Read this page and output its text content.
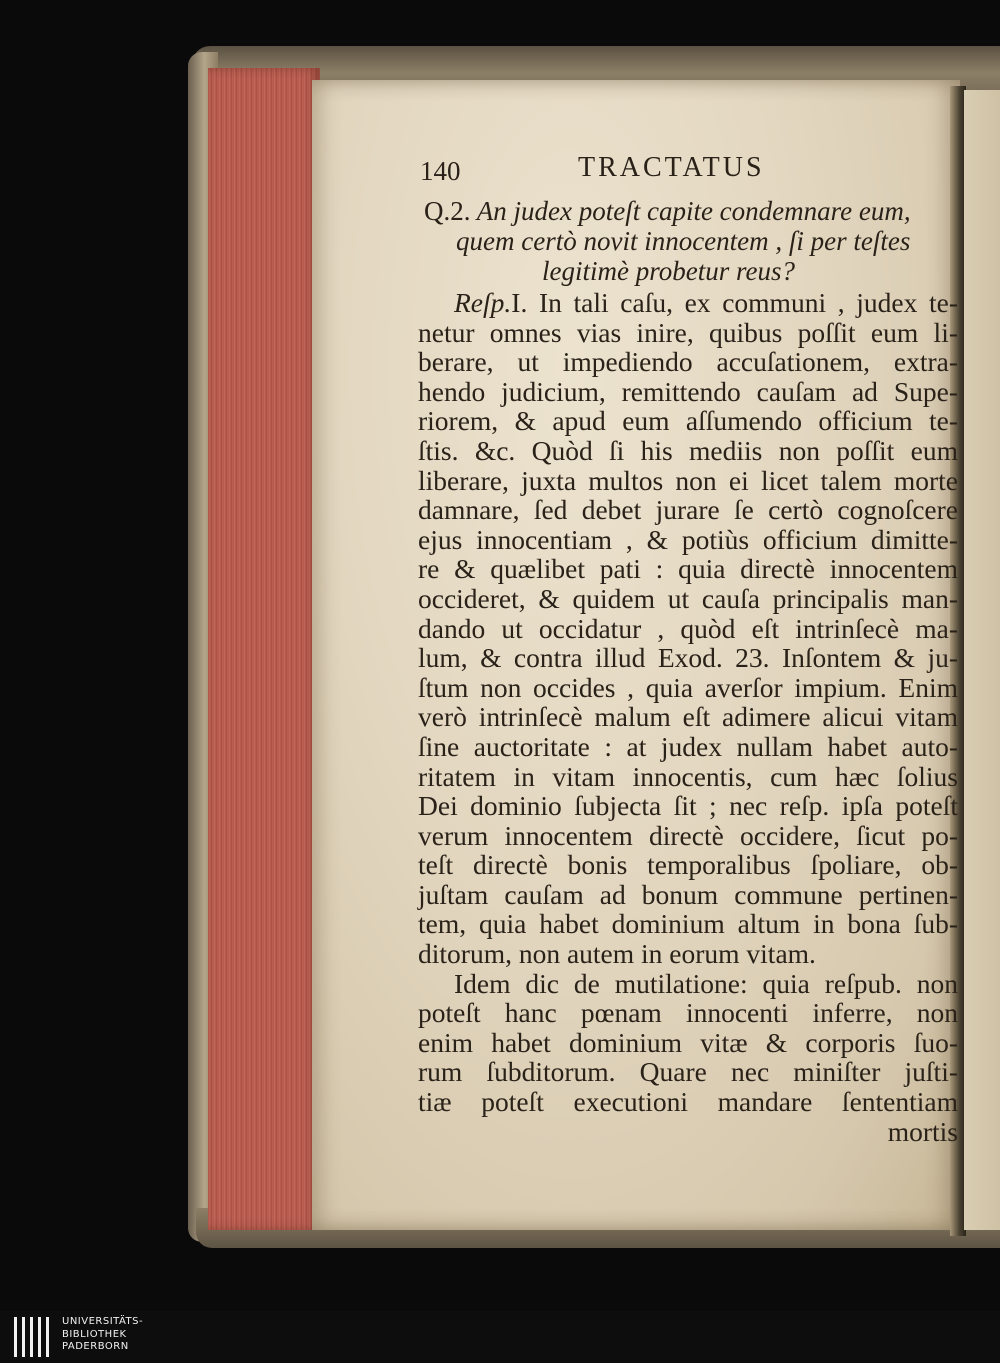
140	TRACTATUS
Q.2. An judex poteſt capite condemnare eum,
quem certò novit innocentem , ſi per teſtes
legitimè probetur reus?
Reſp.I. In tali caſu, ex communi , judex te-
netur omnes vias inire, quibus poſſit eum li-
berare, ut impediendo accuſationem, extra-
hendo judicium, remittendo cauſam ad Supe-
riorem, & apud eum aſſumendo officium te-
ſtis. &c. Quòd ſi his mediis non poſſit eum
liberare, juxta multos non ei licet talem morte
damnare, ſed debet jurare ſe certò cognoſcere
ejus innocentiam , & potiùs officium dimitte-
re & quælibet pati : quia directè innocentem
occideret, & quidem ut cauſa principalis man-
dando ut occidatur , quòd eſt intrinſecè ma-
lum, & contra illud Exod. 23. Inſontem & ju-
ſtum non occides , quia averſor impium. Enim
verò intrinſecè malum eſt adimere alicui vitam
ſine auctoritate : at judex nullam habet auto-
ritatem in vitam innocentis, cum hæc ſolius
Dei dominio ſubjecta ſit ; nec reſp. ipſa poteſt
verum innocentem directè occidere, ſicut po-
teſt directè bonis temporalibus ſpoliare, ob-
juſtam cauſam ad bonum commune pertinen-
tem, quia habet dominium altum in bona ſub-
ditorum, non autem in eorum vitam.
Idem dic de mutilatione: quia reſpub. non
poteſt hanc pœnam innocenti inferre, non
enim habet dominium vitæ & corporis ſuo-
rum ſubditorum. Quare nec miniſter juſti-
tiæ poteſt executioni mandare ſententiam
mortis
UNIVERSITÄTS-
BIBLIOTHEK
PADERBORN
